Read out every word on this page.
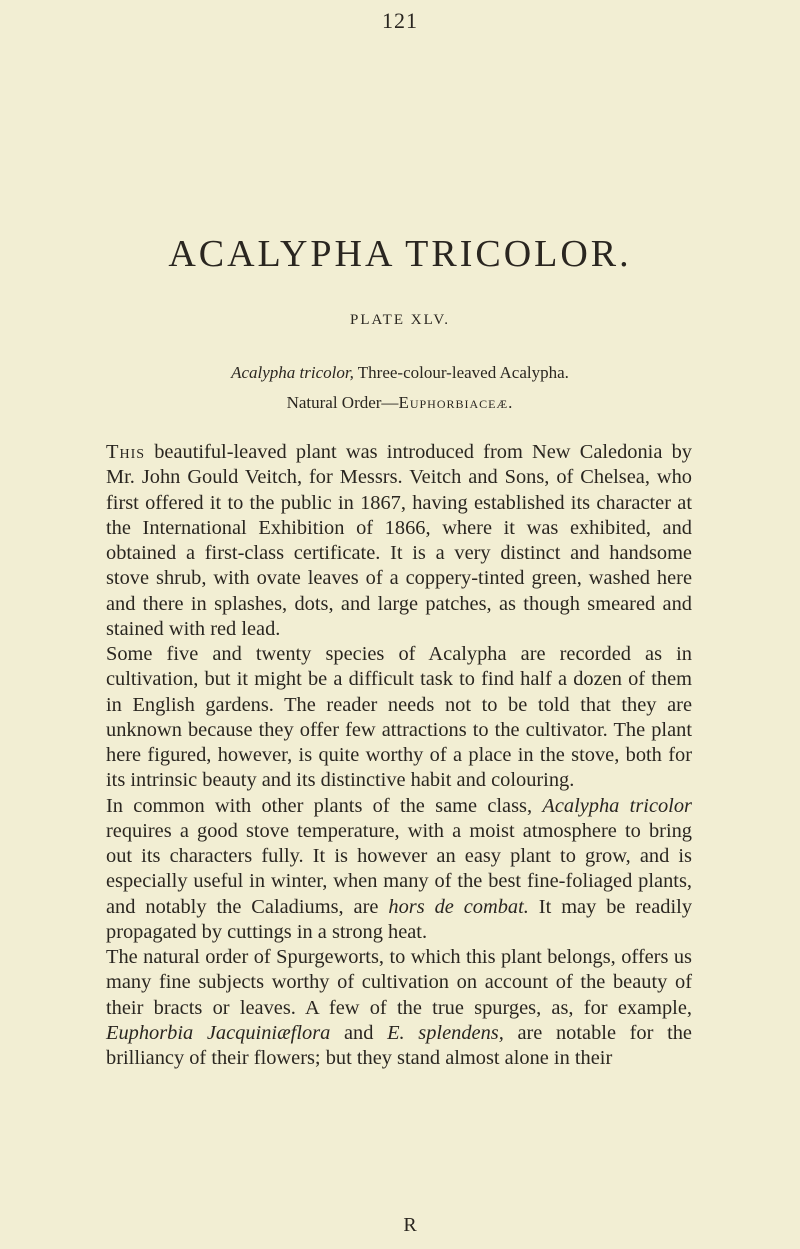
121
ACALYPHA TRICOLOR.
PLATE XLV.
Acalypha tricolor, Three-colour-leaved Acalypha.
Natural Order—Euphorbiaceæ.

This beautiful-leaved plant was introduced from New Caledonia by Mr. John Gould Veitch, for Messrs. Veitch and Sons, of Chelsea, who first offered it to the public in 1867, having established its character at the International Exhibition of 1866, where it was exhibited, and obtained a first-class certificate. It is a very distinct and handsome stove shrub, with ovate leaves of a coppery-tinted green, washed here and there in splashes, dots, and large patches, as though smeared and stained with red lead.

Some five and twenty species of Acalypha are recorded as in cultivation, but it might be a difficult task to find half a dozen of them in English gardens. The reader needs not to be told that they are unknown because they offer few attractions to the cultivator. The plant here figured, however, is quite worthy of a place in the stove, both for its intrinsic beauty and its distinctive habit and colouring.

In common with other plants of the same class, Acalypha tricolor requires a good stove temperature, with a moist atmosphere to bring out its characters fully. It is however an easy plant to grow, and is especially useful in winter, when many of the best fine-foliaged plants, and notably the Caladiums, are hors de combat. It may be readily propagated by cuttings in a strong heat.

The natural order of Spurgeworts, to which this plant belongs, offers us many fine subjects worthy of cultivation on account of the beauty of their bracts or leaves. A few of the true spurges, as, for example, Euphorbia Jacquiniæflora and E. splendens, are notable for the brilliancy of their flowers; but they stand almost alone in their

R
